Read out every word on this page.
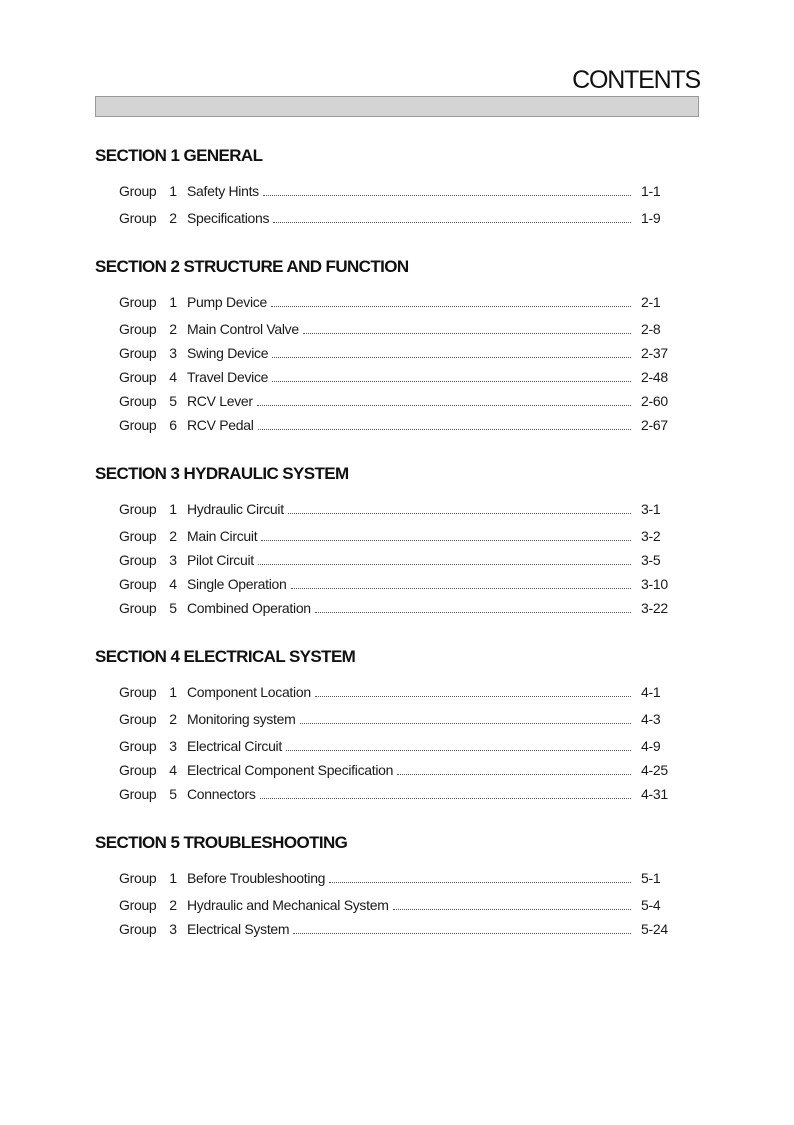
CONTENTS
SECTION 1 GENERAL
Group 1 Safety Hints	1-1
Group 2 Specifications	1-9
SECTION 2 STRUCTURE AND FUNCTION
Group 1 Pump Device	2-1
Group 2 Main Control Valve	2-8
Group 3 Swing Device	2-37
Group 4 Travel Device	2-48
Group 5 RCV Lever	2-60
Group 6 RCV Pedal	2-67
SECTION 3 HYDRAULIC SYSTEM
Group 1 Hydraulic Circuit	3-1
Group 2 Main Circuit	3-2
Group 3 Pilot Circuit	3-5
Group 4 Single Operation	3-10
Group 5 Combined Operation	3-22
SECTION 4 ELECTRICAL SYSTEM
Group 1 Component Location	4-1
Group 2 Monitoring system	4-3
Group 3 Electrical Circuit	4-9
Group 4 Electrical Component Specification	4-25
Group 5 Connectors	4-31
SECTION 5 TROUBLESHOOTING
Group 1 Before Troubleshooting	5-1
Group 2 Hydraulic and Mechanical System	5-4
Group 3 Electrical System	5-24
